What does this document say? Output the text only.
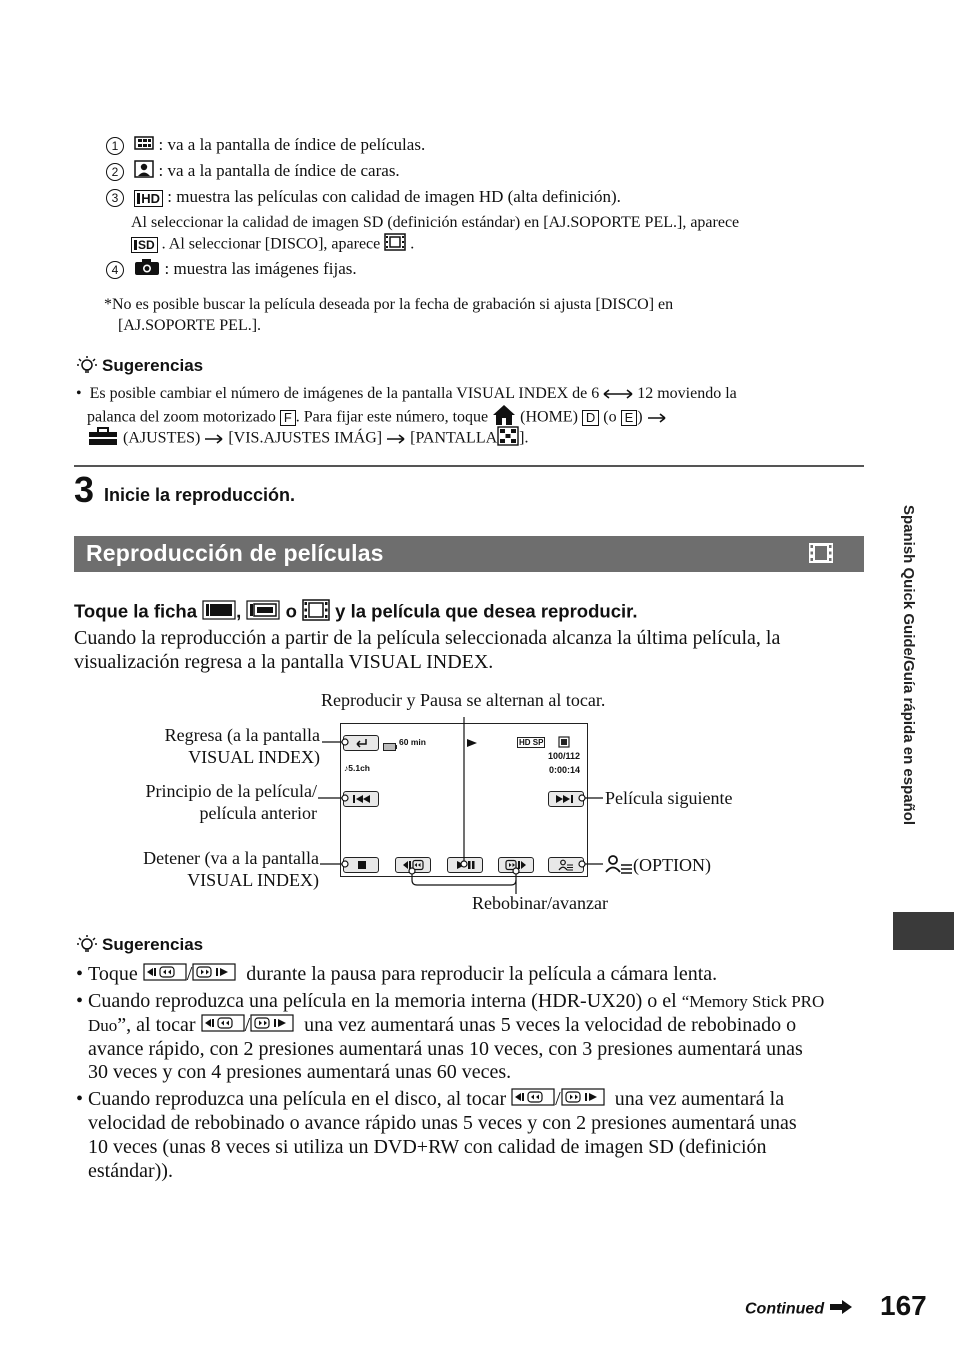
1 : va a la pantalla de índice de películas.
2 : va a la pantalla de índice de caras.
3 HD : muestra las películas con calidad de imagen HD (alta definición).
Al seleccionar la calidad de imagen SD (definición estándar) en [AJ.SOPORTE PEL.], aparece
SD . Al seleccionar [DISCO], aparece .
4	: muestra las imágenes fijas.
*No es posible buscar la película deseada por la fecha de grabación si ajusta [DISCO] en
[AJ.SOPORTE PEL.].
Sugerencias
• Es posible cambiar el número de imágenes de la pantalla VISUAL INDEX de 6 12 moviendo la
palanca del zoom motorizado F . Para fijar este número, toque (HOME) D (o E )
(AJUSTES) [VIS.AJUSTES IMÁG] [PANTALLA ].
3 Inicie la reproducción.
Reproducción de películas
Toque la ficha , o y la película que desea reproducir.
Cuando la reproducción a partir de la película seleccionada alcanza la última película, la
visualización regresa a la pantalla VISUAL INDEX.
Reproducir y Pausa se alternan al tocar.
Regresa (a la pantalla
VISUAL INDEX)
Principio de la película/
película anterior
Detener (va a la pantalla
VISUAL INDEX)
Película siguiente
(OPTION)
Rebobinar/avanzar
60 min	HD SP
♪5.1ch
100/112
0:00:14
Sugerencias
• Toque /	durante la pausa para reproducir la película a cámara lenta.
• Cuando reproduzca una película en la memoria interna (HDR-UX20) o el “Memory Stick PRO
Duo”, al tocar /	una vez aumentará unas 5 veces la velocidad de rebobinado o
avance rápido, con 2 presiones aumentará unas 10 veces, con 3 presiones aumentará unas
30 veces y con 4 presiones aumentará unas 60 veces.
• Cuando reproduzca una película en el disco, al tocar /	una vez aumentará la
velocidad de rebobinado o avance rápido unas 5 veces y con 2 presiones aumentará unas
10 veces (unas 8 veces si utiliza un DVD+RW con calidad de imagen SD (definición
estándar)).
Spanish Quick Guide/Guía rápida en español
Continued	167
